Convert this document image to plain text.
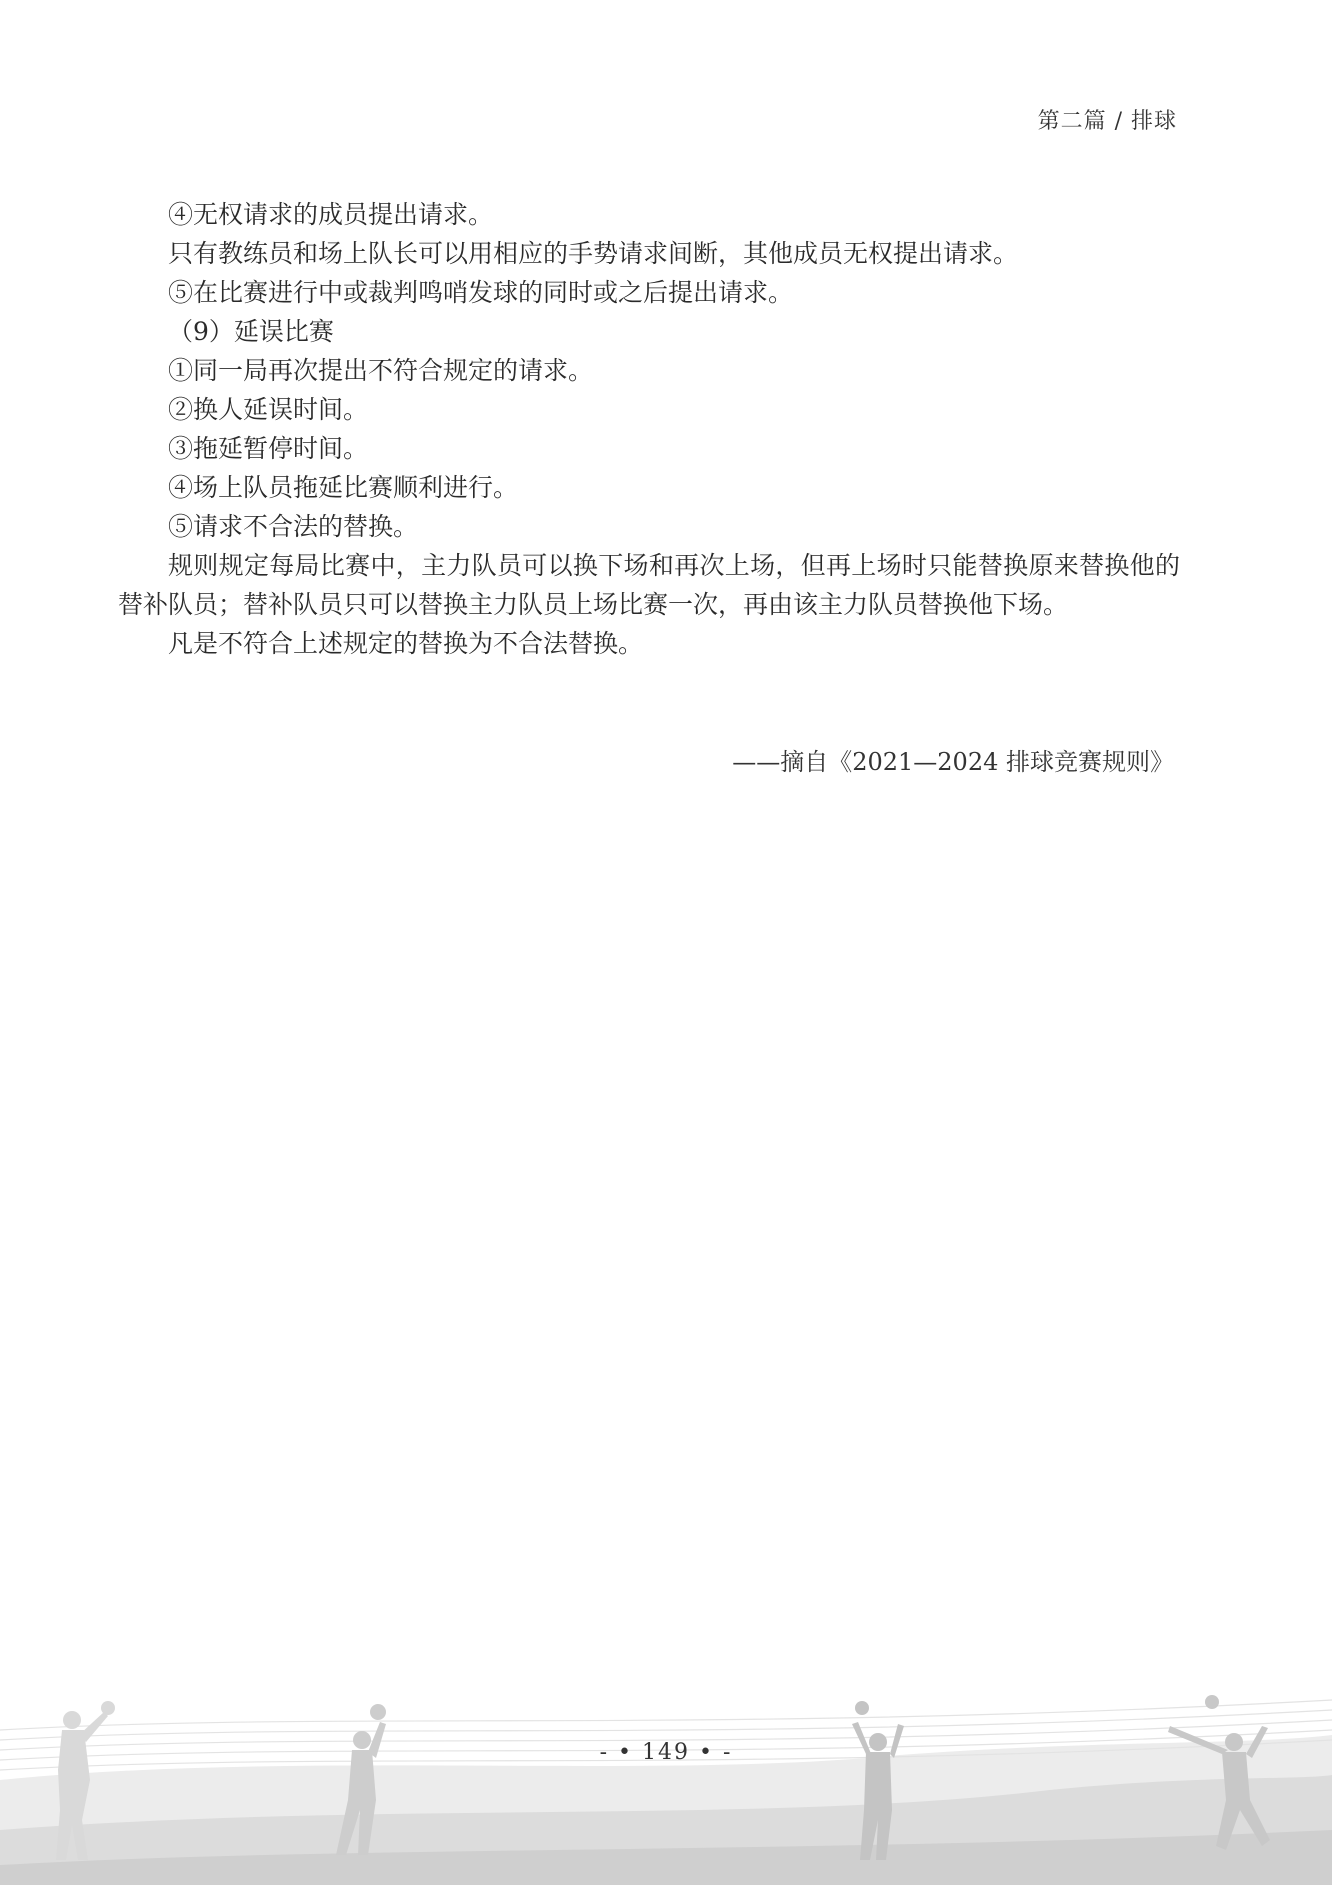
第二篇 / 排球
④无权请求的成员提出请求。
只有教练员和场上队长可以用相应的手势请求间断，其他成员无权提出请求。
⑤在比赛进行中或裁判鸣哨发球的同时或之后提出请求。
（9）延误比赛
①同一局再次提出不符合规定的请求。
②换人延误时间。
③拖延暂停时间。
④场上队员拖延比赛顺利进行。
⑤请求不合法的替换。
规则规定每局比赛中，主力队员可以换下场和再次上场，但再上场时只能替换原来替换他的替补队员；替补队员只可以替换主力队员上场比赛一次，再由该主力队员替换他下场。
凡是不符合上述规定的替换为不合法替换。
——摘自《2021—2024 排球竞赛规则》
- • 149 • -
